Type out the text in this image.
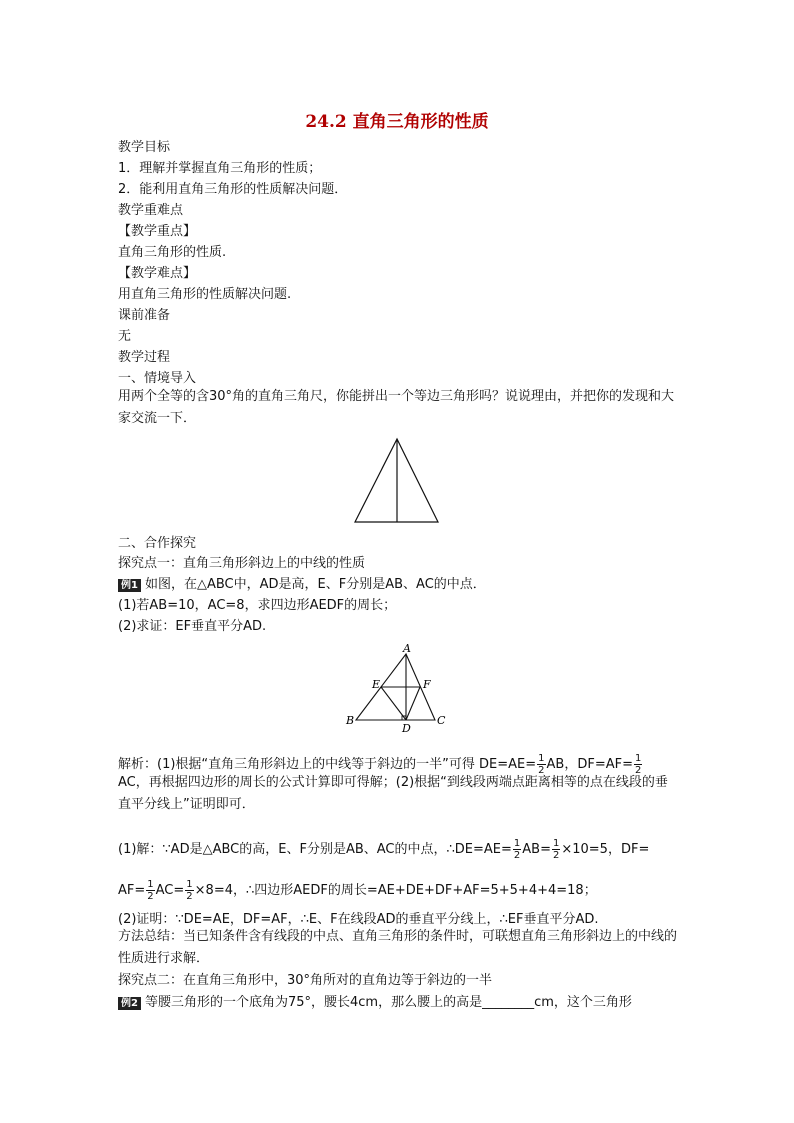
24.2 直角三角形的性质
教学目标
1．理解并掌握直角三角形的性质；
2．能利用直角三角形的性质解决问题．
教学重难点
【教学重点】
直角三角形的性质.
【教学难点】
用直角三角形的性质解决问题.
课前准备
无
教学过程
一、情境导入
用两个全等的含30°角的直角三角尺，你能拼出一个等边三角形吗？说说理由，并把你的发现和大家交流一下．
二、合作探究
探究点一：直角三角形斜边上的中线的性质
例1 如图，在△ABC中，AD是高，E、F分别是AB、AC的中点．
(1)若AB=10，AC=8，求四边形AEDF的周长；
(2)求证：EF垂直平分AD.
A
B	C
D
E	F
解析：(1)根据“直角三角形斜边上的中线等于斜边的一半”可得 $DE=AE= \frac{1}{2}$ AB，$DF=AF= \frac{1}{2}$
AC，再根据四边形的周长的公式计算即可得解；(2)根据“到线段两端点距离相等的点在线段的垂直平分线上”证明即可．
(1)解：∵AD是△ABC的高，E、F分别是AB、AC的中点，∴DE=AE= $\frac{1}{2} AB= \frac{1}{2} \times 10=5$，DF=
$AF= \frac{1}{2} AC= \frac{1}{2} \times 8=4$，∴四边形AEDF的周长=AE+DE+DF+AF=5+5+4+4=18；
(2)证明：∵DE=AE，DF=AF，∴E、F在线段AD的垂直平分线上，∴EF垂直平分AD.
方法总结：当已知条件含有线段的中点、直角三角形的条件时，可联想直角三角形斜边上的中线的性质进行求解．
探究点二：在直角三角形中，30°角所对的直角边等于斜边的一半
例2 等腰三角形的一个底角为75°，腰长4cm，那么腰上的高是________cm，这个三角形
